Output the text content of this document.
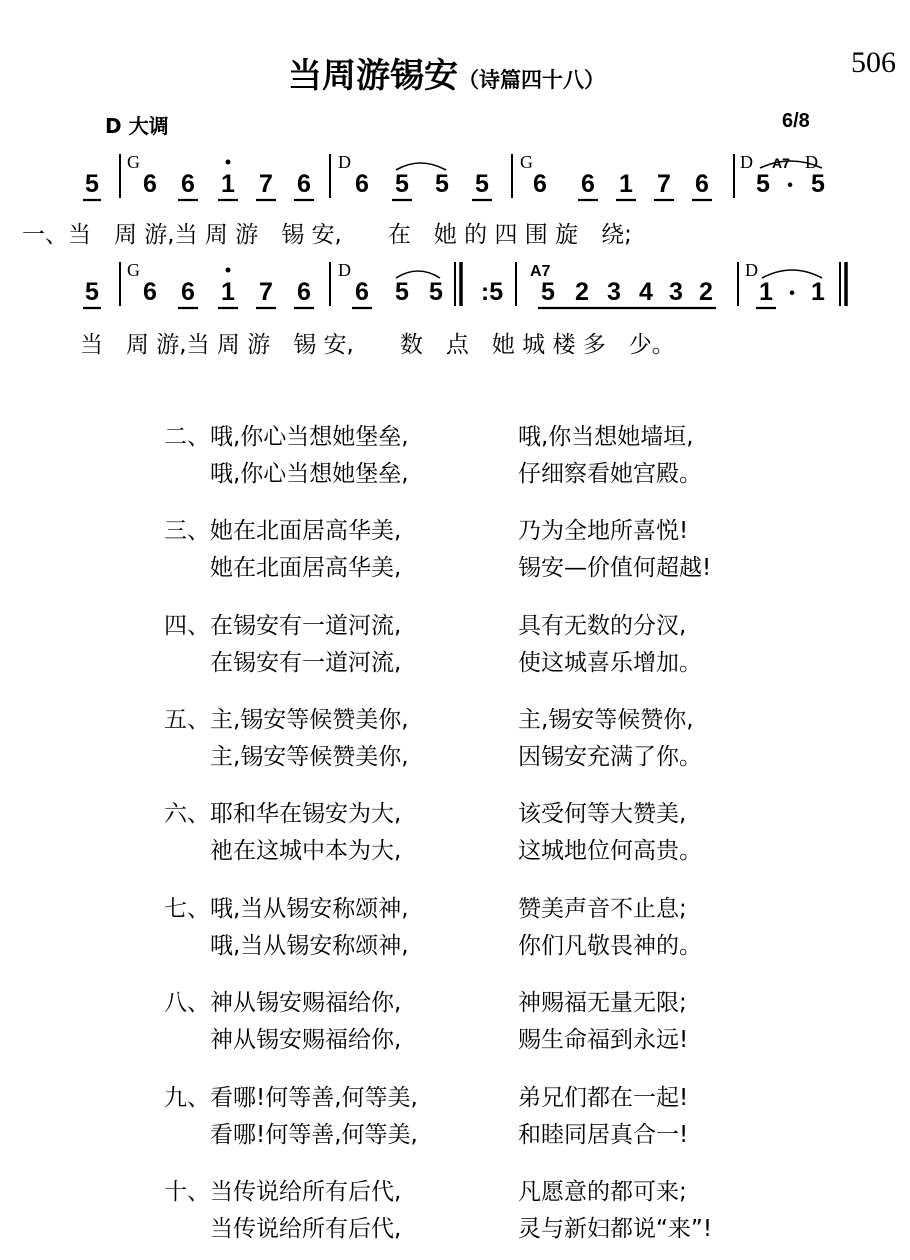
当周游锡安（诗篇四十八）
506
D 大调	6/8
G	D	G	D A7 D
5 6 6 1 7 6 6 5 5 5 6 6 1 7 6 5 • 5
一、当　周 游,当 周 游　锡 安,　　在　她 的 四 围 旋　绕;
G	D	A7	D
5 6 6 1 7 6 6 5 5 :5 5 2 3 4 3 2 1 • 1
当　周 游,当 周 游　锡 安,　　数　点　她 城 楼 多　少。
二、哦,你心当想她堡垒,	哦,你当想她墙垣,
哦,你心当想她堡垒,	仔细察看她宫殿。
三、她在北面居高华美,	乃为全地所喜悦!
她在北面居高华美,	锡安—价值何超越!
四、在锡安有一道河流,	具有无数的分汊,
在锡安有一道河流,	使这城喜乐增加。
五、主,锡安等候赞美你,	主,锡安等候赞你,
主,锡安等候赞美你,	因锡安充满了你。
六、耶和华在锡安为大,	该受何等大赞美,
祂在这城中本为大,	这城地位何高贵。
七、哦,当从锡安称颂神,	赞美声音不止息;
哦,当从锡安称颂神,	你们凡敬畏神的。
八、神从锡安赐福给你,	神赐福无量无限;
神从锡安赐福给你,	赐生命福到永远!
九、看哪!何等善,何等美,	弟兄们都在一起!
看哪!何等善,何等美,	和睦同居真合一!
十、当传说给所有后代,	凡愿意的都可来;
当传说给所有后代,	灵与新妇都说“来”!
